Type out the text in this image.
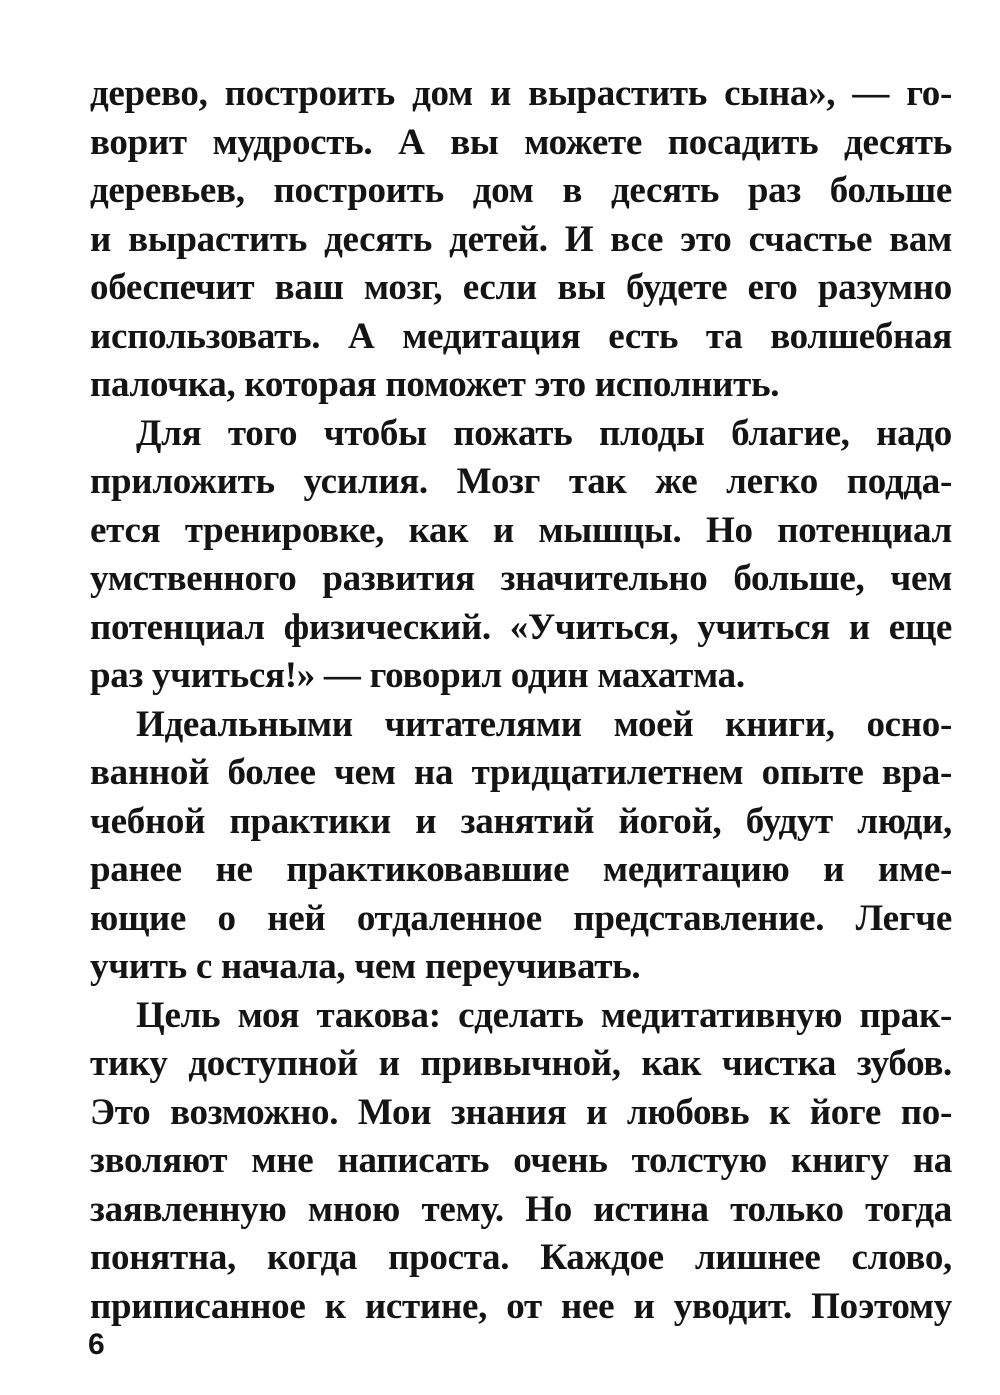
дерево, построить дом и вырастить сына», — го-
ворит мудрость. А вы можете посадить десять
деревьев, построить дом в десять раз больше
и вырастить десять детей. И все это счастье вам
обеспечит ваш мозг, если вы будете его разумно
использовать. А медитация есть та волшебная
палочка, которая поможет это исполнить.
Для того чтобы пожать плоды благие, надо
приложить усилия. Мозг так же легко подда-
ется тренировке, как и мышцы. Но потенциал
умственного развития значительно больше, чем
потенциал физический. «Учиться, учиться и еще
раз учиться!» — говорил один махатма.
Идеальными читателями моей книги, осно-
ванной более чем на тридцатилетнем опыте вра-
чебной практики и занятий йогой, будут люди,
ранее не практиковавшие медитацию и име-
ющие о ней отдаленное представление. Легче
учить с начала, чем переучивать.
Цель моя такова: сделать медитативную прак-
тику доступной и привычной, как чистка зубов.
Это возможно. Мои знания и любовь к йоге по-
зволяют мне написать очень толстую книгу на
заявленную мною тему. Но истина только тогда
понятна, когда проста. Каждое лишнее слово,
приписанное к истине, от нее и уводит. Поэтому
6
